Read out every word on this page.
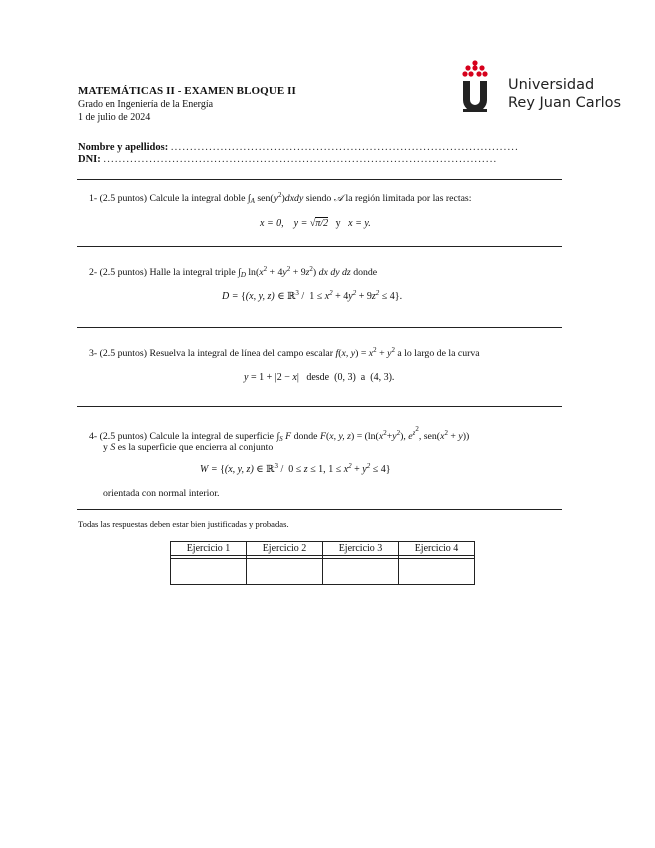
MATEMÁTICAS II - EXAMEN BLOQUE II
Grado en Ingeniería de la Energía
1 de julio de 2024
Universidad
Rey Juan Carlos
Nombre y apellidos: ...........................................................................................
DNI: .......................................................................................................
1- (2.5 puntos) Calcule la integral doble $\int_A$ $sen(y^2)dxdy$ siendo 𝒜 la región limitada por las rectas:
x = 0,    y = √π/2 y   x = y.
2- (2.5 puntos) Halle la integral triple $\int_D$ $\ln(x^2 + 4y^2 + 9z^2)$ dx dy dz donde
D = {(x, y, z) ∈ ℝ$^3$ / $1 \le x^2 + 4y^2 + 9z^2 \le 4$}.
3- (2.5 puntos) Resuelva la integral de línea del campo escalar f(x, $y) = x^2 + y^2$ a lo largo de la curva
y = 1 + |2 − x| desde (0, 3) a (4, 3).
4- (2.5 puntos) Calcule la integral de superficie $\int_S$ F donde F(x, y, $z) = (\ln(x^2+y^2)$, $e^{z^2}$, $sen(x^2 + y)$)
y S es la superficie que encierra al conjunto
W = {(x, y, z) ∈ ℝ$^3$ / 0 ≤ z ≤ 1, $1 \le x^2 + y^2 \le 4$}
orientada con normal interior.
Todas las respuestas deben estar bien justificadas y probadas.
Ejercicio 1	Ejercicio 2	Ejercicio 3	Ejercicio 4
